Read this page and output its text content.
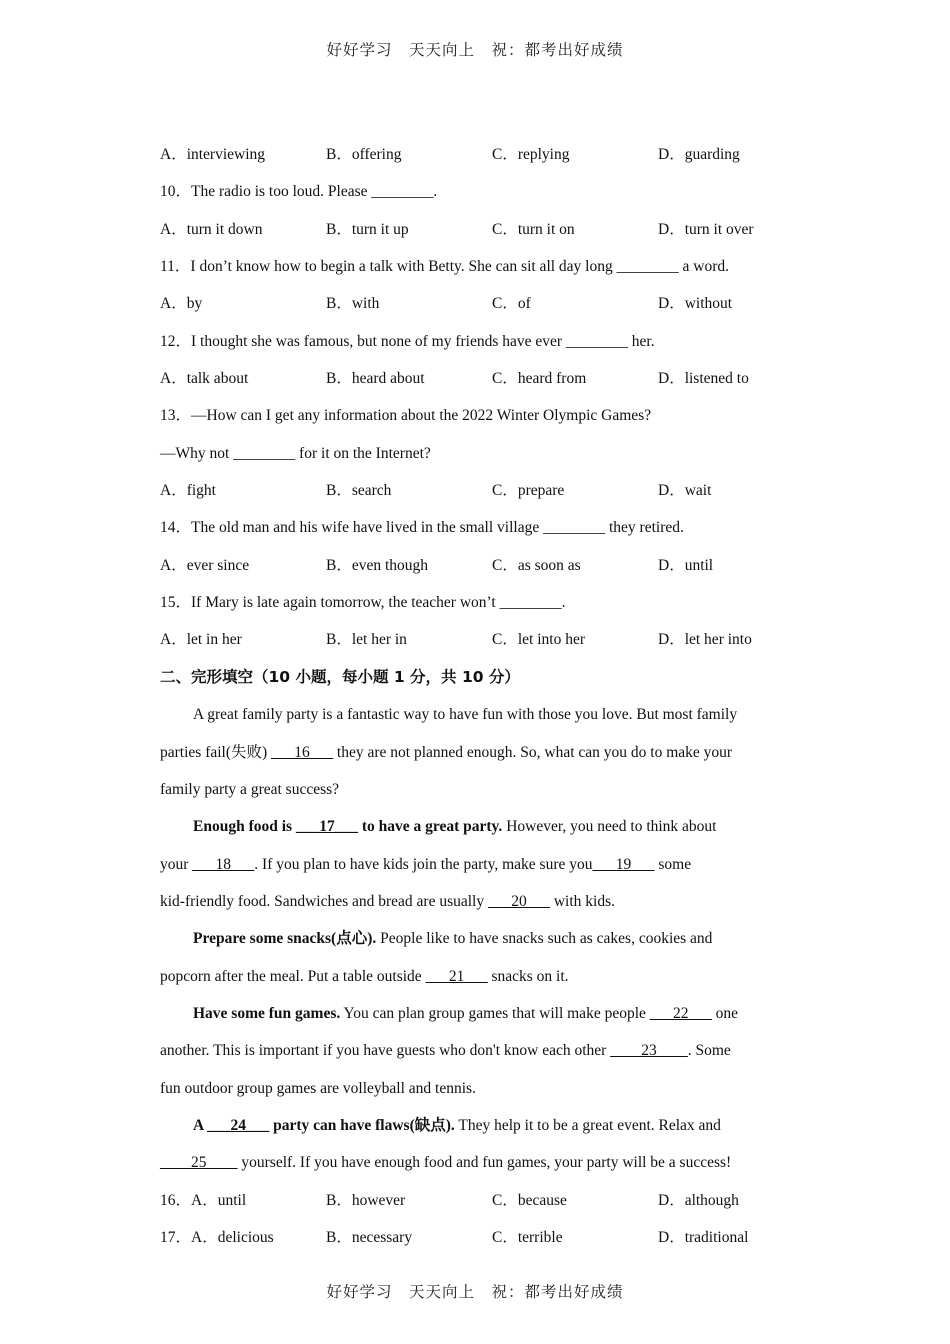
好好学习　天天向上　祝：都考出好成绩
A．interviewing	B．offering	C．replying	D．guarding
10．The radio is too loud. Please ________.
A．turn it down	B．turn it up	C．turn it on	D．turn it over
11．I don’t know how to begin a talk with Betty. She can sit all day long ________ a word.
A．by	B．with	C．of	D．without
12．I thought she was famous, but none of my friends have ever ________ her.
A．talk about	B．heard about	C．heard from	D．listened to
13．—How can I get any information about the 2022 Winter Olympic Games?
—Why not ________ for it on the Internet?
A．fight	B．search	C．prepare	D．wait
14．The old man and his wife have lived in the small village ________ they retired.
A．ever since	B．even though	C．as soon as	D．until
15．If Mary is late again tomorrow, the teacher won’t ________.
A．let in her	B．let her in	C．let into her	D．let her into
二、完形填空（10 小题，每小题 1 分，共 10 分）
A great family party is a fantastic way to have fun with those you love. But most family
parties fail(失败) ___16___ they are not planned enough. So, what can you do to make your
family party a great success?
Enough food is ___17___ to have a great party. However, you need to think about
your ___18___. If you plan to have kids join the party, make sure you___19___ some
kid-friendly food. Sandwiches and bread are usually ___20___ with kids.
Prepare some snacks(点心). People like to have snacks such as cakes, cookies and
popcorn after the meal. Put a table outside ___21___ snacks on it.
Have some fun games. You can plan group games that will make people ___22___ one
another. This is important if you have guests who don't know each other ____23____. Some
fun outdoor group games are volleyball and tennis.
A ___24___ party can have flaws(缺点). They help it to be a great event. Relax and
____25____ yourself. If you have enough food and fun games, your party will be a success!
16．A．until	B．however	C．because	D．although
17．A．delicious	B．necessary	C．terrible	D．traditional
好好学习　天天向上　祝：都考出好成绩
